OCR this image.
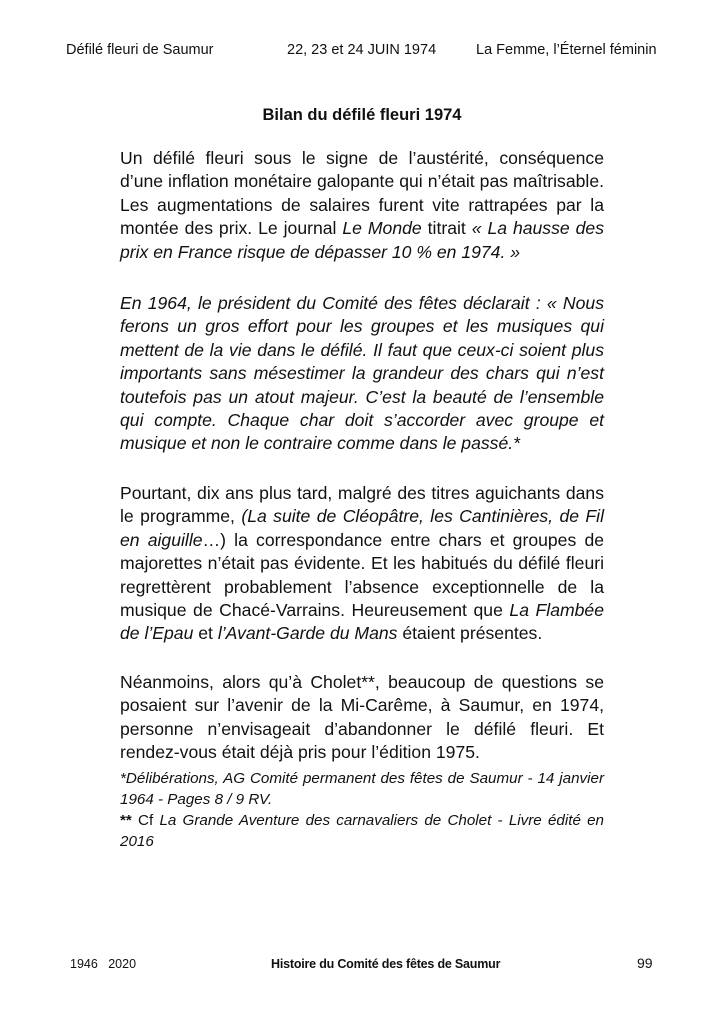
Défilé fleuri de Saumur	22, 23 et 24 JUIN 1974	La Femme, l’Éternel féminin
Bilan du défilé fleuri 1974

Un défilé fleuri sous le signe de l’austérité, conséquence d’une inflation monétaire galopante qui n’était pas maîtrisable. Les augmentations de salaires furent vite rattrapées par la montée des prix. Le journal Le Monde titrait « La hausse des prix en France risque de dépasser 10 % en 1974. »

En 1964, le président du Comité des fêtes déclarait : « Nous ferons un gros effort pour les groupes et les musiques qui mettent de la vie dans le défilé. Il faut que ceux-ci soient plus importants sans mésestimer la grandeur des chars qui n’est toutefois pas un atout majeur. C’est la beauté de l’ensemble qui compte. Chaque char doit s’accorder avec groupe et musique et non le contraire comme dans le passé.*

Pourtant, dix ans plus tard, malgré des titres aguichants dans le programme, (La suite de Cléopâtre, les Cantinières, de Fil en aiguille…) la correspondance entre chars et groupes de majorettes n’était pas évidente. Et les habitués du défilé fleuri regrettèrent probablement l’absence exceptionnelle de la musique de Chacé-Varrains. Heureusement que La Flambée de l’Epau et l’Avant-Garde du Mans étaient présentes.

Néanmoins, alors qu’à Cholet**, beaucoup de questions se posaient sur l’avenir de la Mi-Carême, à Saumur, en 1974, personne n’envisageait d’abandonner le défilé fleuri. Et rendez-vous était déjà pris pour l’édition 1975.

*Délibérations, AG Comité permanent des fêtes de Saumur - 14 janvier 1964 - Pages 8 / 9 RV.

** Cf La Grande Aventure des carnavaliers de Cholet - Livre édité en 2016

1946   2020	Histoire du Comité des fêtes de Saumur	99
